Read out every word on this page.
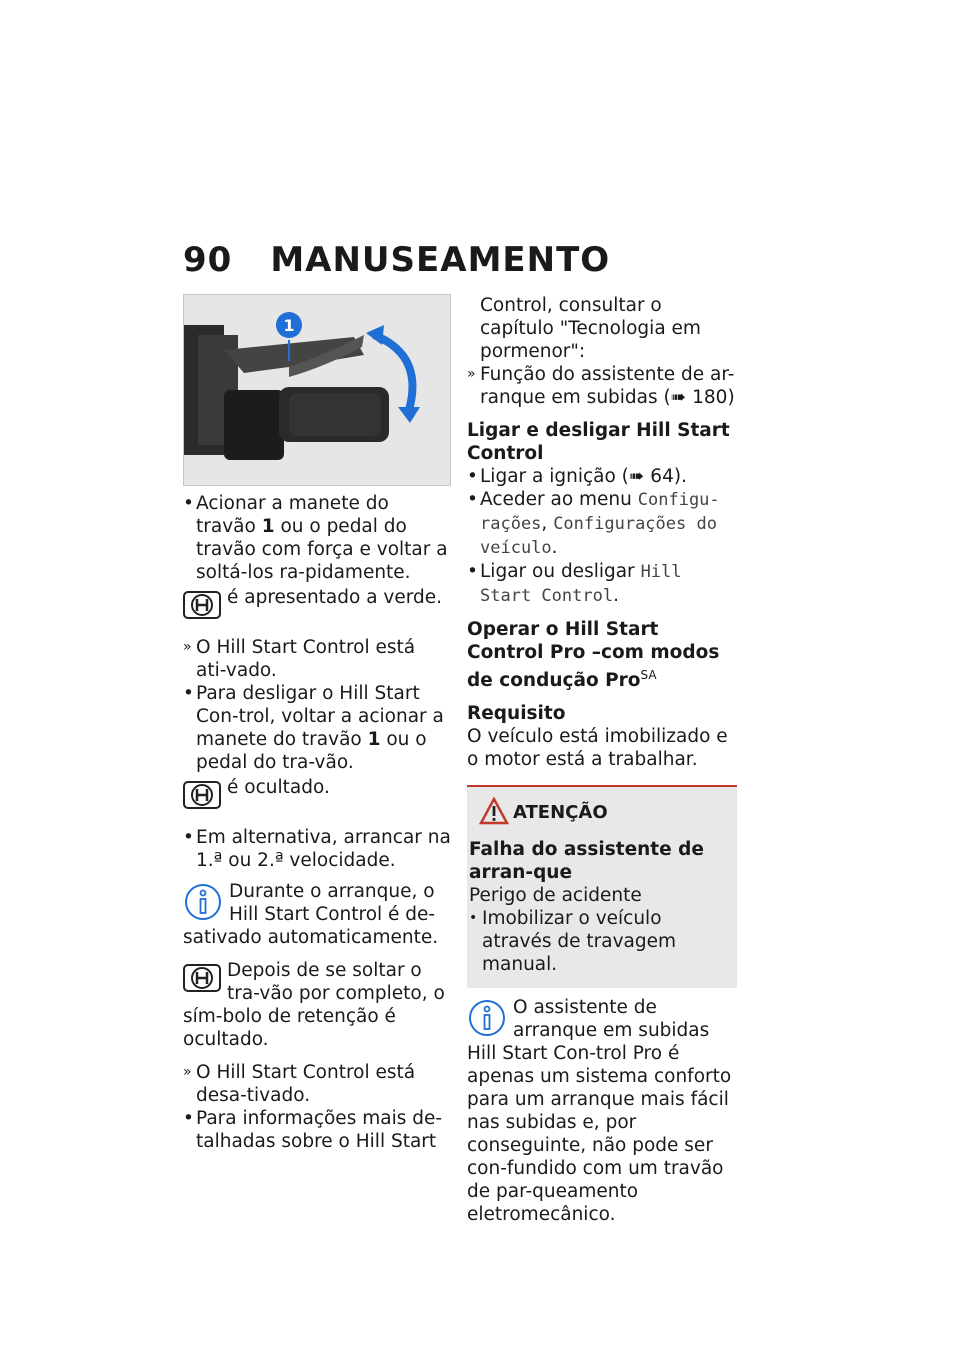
90 MANUSEAMENTO
1
• Acionar a manete do travão 1 ou o pedal do travão com força e voltar a soltá-los ra-pidamente.
é apresentado a verde.
» O Hill Start Control está ati-vado.
• Para desligar o Hill Start Con-trol, voltar a acionar a manete do travão 1 ou o pedal do tra-vão.
é ocultado.
• Em alternativa, arrancar na 1.ª ou 2.ª velocidade.
Durante o arranque, o Hill Start Control é de-sativado automaticamente.
Depois de se soltar o tra-vão por completo, o sím-bolo de retenção é ocultado.
» O Hill Start Control está desa-tivado.
• Para informações mais de-talhadas sobre o Hill Start
Control, consultar o capítulo "Tecnologia em pormenor":
» Função do assistente de ar-ranque em subidas (➠ 180)
Ligar e desligar Hill Start Control
• Ligar a ignição (➠ 64).
• Aceder ao menu Configu-rações, Configurações do veículo.
• Ligar ou desligar Hill Start Control.
Operar o Hill Start Control Pro –com modos de condução Pro$^{SA}$
Requisito
O veículo está imobilizado e o motor está a trabalhar.
ATENÇÃO
Falha do assistente de arran-que
Perigo de acidente
• Imobilizar o veículo através de travagem manual.
O assistente de arranque em subidas Hill Start Con-trol Pro é apenas um sistema conforto para um arranque mais fácil nas subidas e, por conseguinte, não pode ser con-fundido com um travão de par-queamento eletromecânico.
